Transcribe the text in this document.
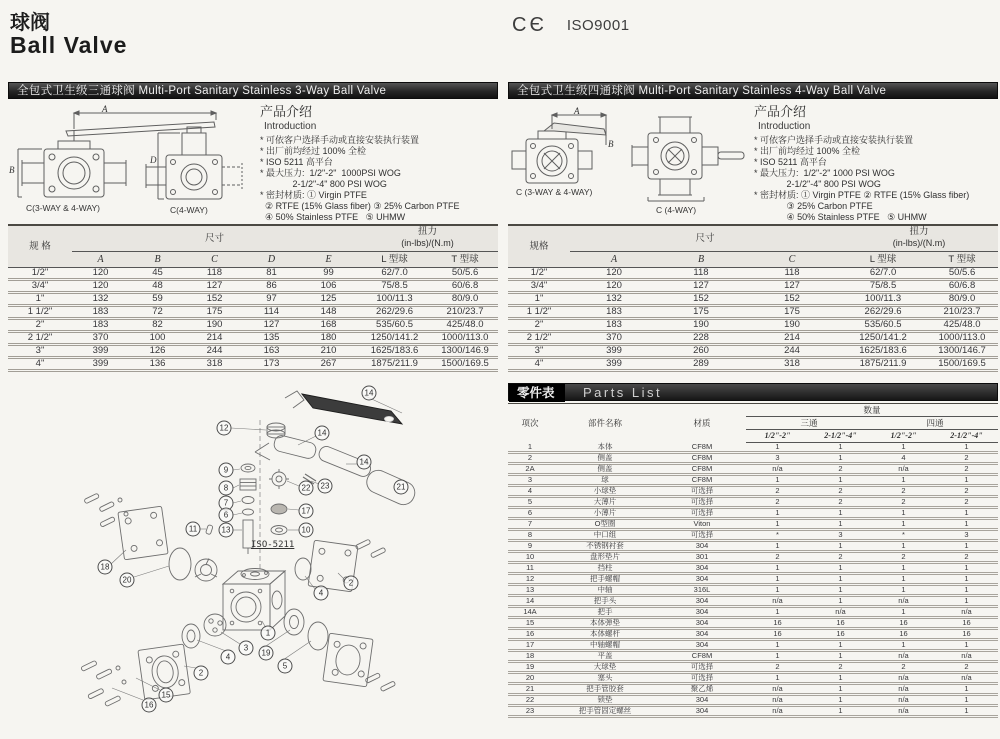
球阀
Ball Valve
CЄ ISO9001
全包式卫生级三通球阀 Multi-Port Sanitary Stainless 3-Way Ball Valve
A
B
D
C(3-WAY & 4-WAY)	C(4-WAY)
产品介绍
Introduction
* 可依客户选择手动或直接安装执行装置
* 出厂前均经过 100% 全检
* ISO 5211 高平台
* 最大压力:  1/2"-2"  1000PSI WOG
2-1/2"-4" 800 PSI WOG
* 密封材质: ① Virgin PTFE
② RTFE (15% Glass fiber) ③ 25% Carbon PTFE
④ 50% Stainless PTFE   ⑤ UHMW
规 格	尺寸					扭力
(in-lbs)/(N.m)	

	A	B	C	D	E	L 型球	T 型球
1/2"	120	45	118	81	99	62/7.0	50/5.6
3/4"	120	48	127	86	106	75/8.5	60/6.8
1"	132	59	152	97	125	100/11.3	80/9.0
1 1/2"	183	72	175	114	148	262/29.6	210/23.7
2"	183	82	190	127	168	535/60.5	425/48.0
2 1/2"	370	100	214	135	180	1250/141.2	1000/113.0
3"	399	126	244	163	210	1625/183.6	1300/146.9
4"	399	136	318	173	267	1875/211.9	1500/169.5
ISO-5211
14
12
14
14
21
23
22
9
8
7
6
11	13
17
10
18
20
4
2
1
3
19
5
4
2
15
16
全包式卫生级四通球阀 Multi-Port Sanitary Stainless 4-Way Ball Valve
A
B
C (3-WAY & 4-WAY)
C (4-WAY)
产品介绍
Introduction
* 可依客户选择手动或直接安装执行装置
* 出厂前均经过 100% 全检
* ISO 5211 高平台
* 最大压力:  1/2"-2" 1000 PSI WOG
2-1/2"-4" 800 PSI WOG
* 密封材质: ① Virgin PTFE ② RTFE (15% Glass fiber)
③ 25% Carbon PTFE
④ 50% Stainless PTFE   ⑤ UHMW
规格	尺寸			扭力
(in-lbs)/(N.m)	

	A	B	C	L 型球	T 型球
1/2"	120	118	118	62/7.0	50/5.6
3/4"	120	127	127	75/8.5	60/6.8
1"	132	152	152	100/11.3	80/9.0
1 1/2"	183	175	175	262/29.6	210/23.7
2"	183	190	190	535/60.5	425/48.0
2 1/2"	370	228	214	1250/141.2	1000/113.0
3"	399	260	244	1625/183.6	1300/146.7
4"	399	289	318	1875/211.9	1500/169.5
零件表 Parts List
项次	部件名称	材质	数量			
			三通		四通	
			1/2"-2"	2-1/2"-4"	1/2"-2"	2-1/2"-4"
1	本体	CF8M	1	1	1	1
2	侧盖	CF8M	3	1	4	2
2A	侧盖	CF8M	n/a	2	n/a	2
3	球	CF8M	1	1	1	1
4	小球垫	可选择	2	2	2	2
5	大薄片	可选择	2	2	2	2
6	小薄片	可选择	1	1	1	1
7	O型圈	Viton	1	1	1	1
8	中口组	可选择	*	3	*	3
9	不锈钢衬套	304	1	1	1	1
10	盘形垫片	301	2	2	2	2
11	挡柱	304	1	1	1	1
12	把手螺帽	304	1	1	1	1
13	中轴	316L	1	1	1	1
14	把手头	304	n/a	1	n/a	1
14A	把手	304	1	n/a	1	n/a
15	本体弹垫	304	16	16	16	16
16	本体螺杆	304	16	16	16	16
17	中轴螺帽	304	1	1	1	1
18	平盖	CF8M	1	1	n/a	n/a
19	大球垫	可选择	2	2	2	2
20	塞头	可选择	1	1	n/a	n/a
21	把手管胶套	聚乙烯	n/a	1	n/a	1
22	锁垫	304	n/a	1	n/a	1
23	把手管固定螺丝	304	n/a	1	n/a	1
